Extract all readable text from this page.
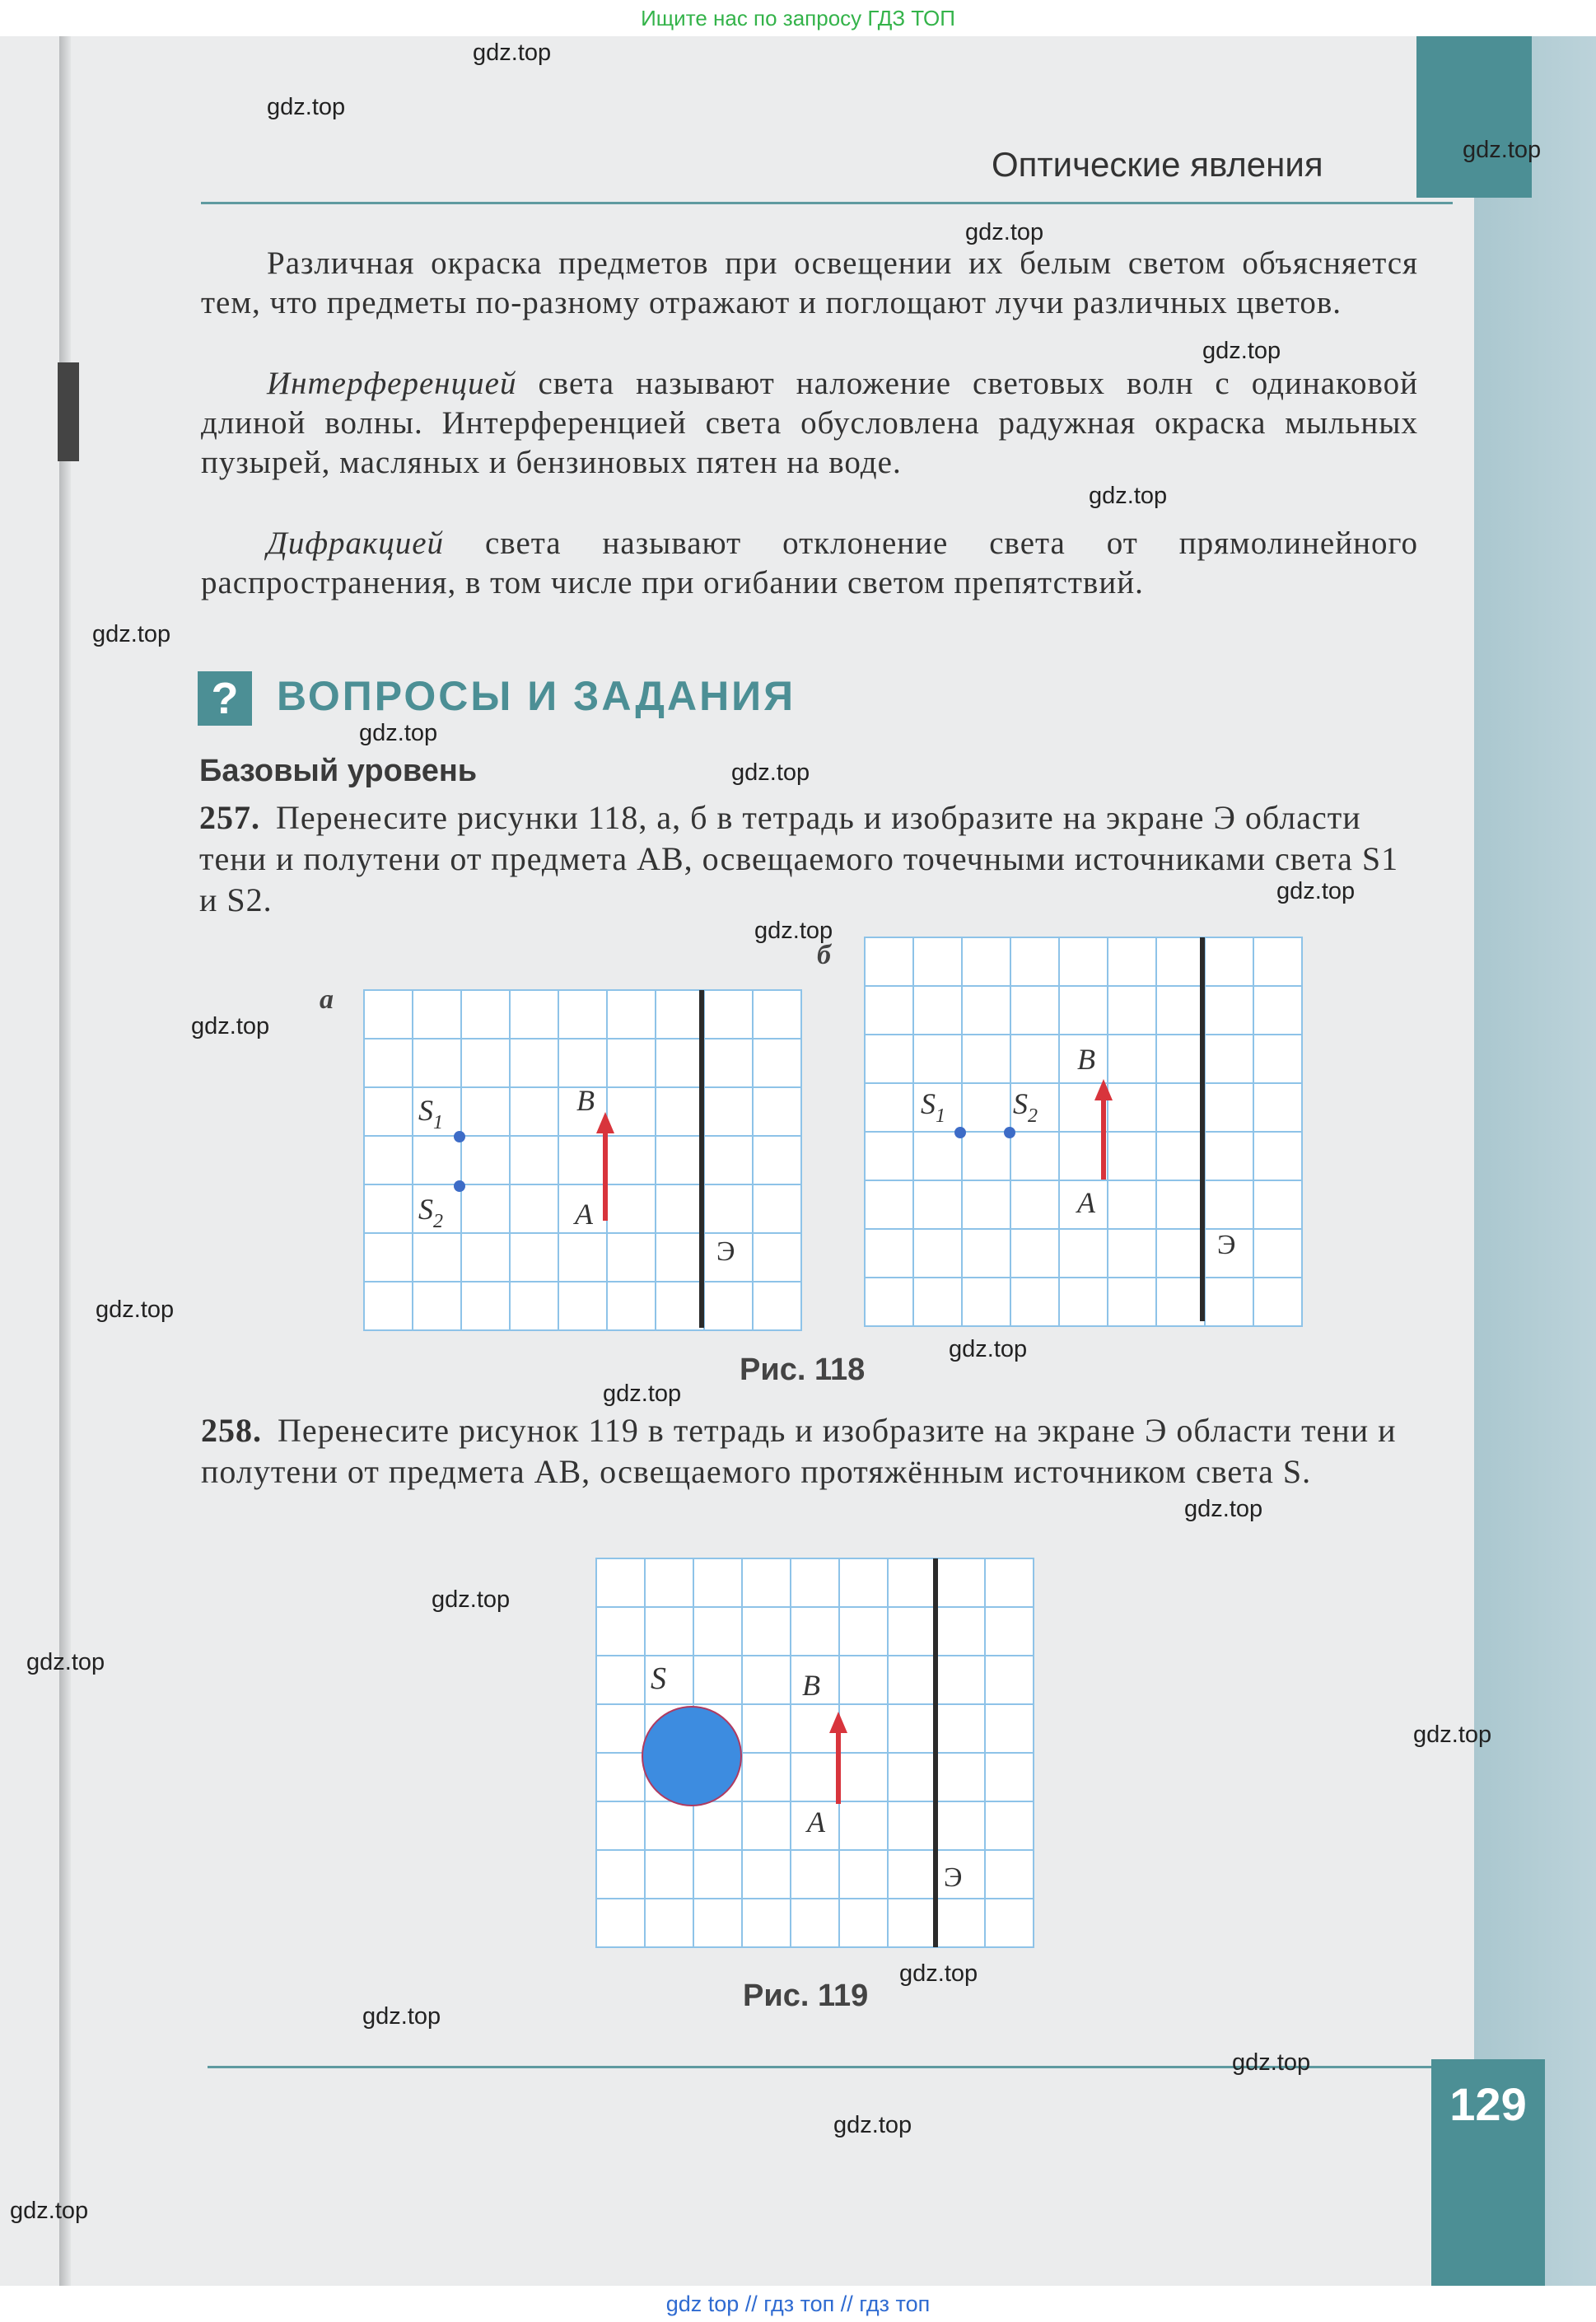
Ищите нас по запросу ГДЗ ТОП
Оптические явления
Различная окраска предметов при освещении их белым светом объясняется тем, что предметы по-разному отражают и поглощают лучи различных цветов.
Интерференцией света называют наложение световых волн с одинаковой длиной волны. Интерференцией света обусловлена радужная окраска мыльных пузырей, масляных и бензиновых пятен на воде.
Дифракцией света называют отклонение света от прямолинейного распространения, в том числе при огибании светом препятствий.
? ВОПРОСЫ И ЗАДАНИЯ
Базовый уровень
257. Перенесите рисунки 118, а, б в тетрадь и изобразите на экране Э области тени и полутени от предмета AB, освещаемого точечными источниками света S1 и S2.
а
Э
$S_1$
$S_2$
B
A
б
Э
$S_1$ $S_2$
B
A
Рис. 118
258. Перенесите рисунок 119 в тетрадь и изобразите на экране Э области тени и полутени от предмета AB, освещаемого протяжённым источником света S.
Э
S	B
A
Рис. 119
129
gdz.top
gdz.top
gdz.top
gdz.top
gdz.top
gdz.top
gdz.top
gdz.top
gdz.top
gdz.top
gdz.top
gdz.top
gdz.top
gdz.top
gdz.top
gdz.top
gdz.top
gdz.top
gdz.top
gdz.top
gdz.top
gdz.top
gdz.top
gdz.top
gdz top // гдз топ // гдз топ
